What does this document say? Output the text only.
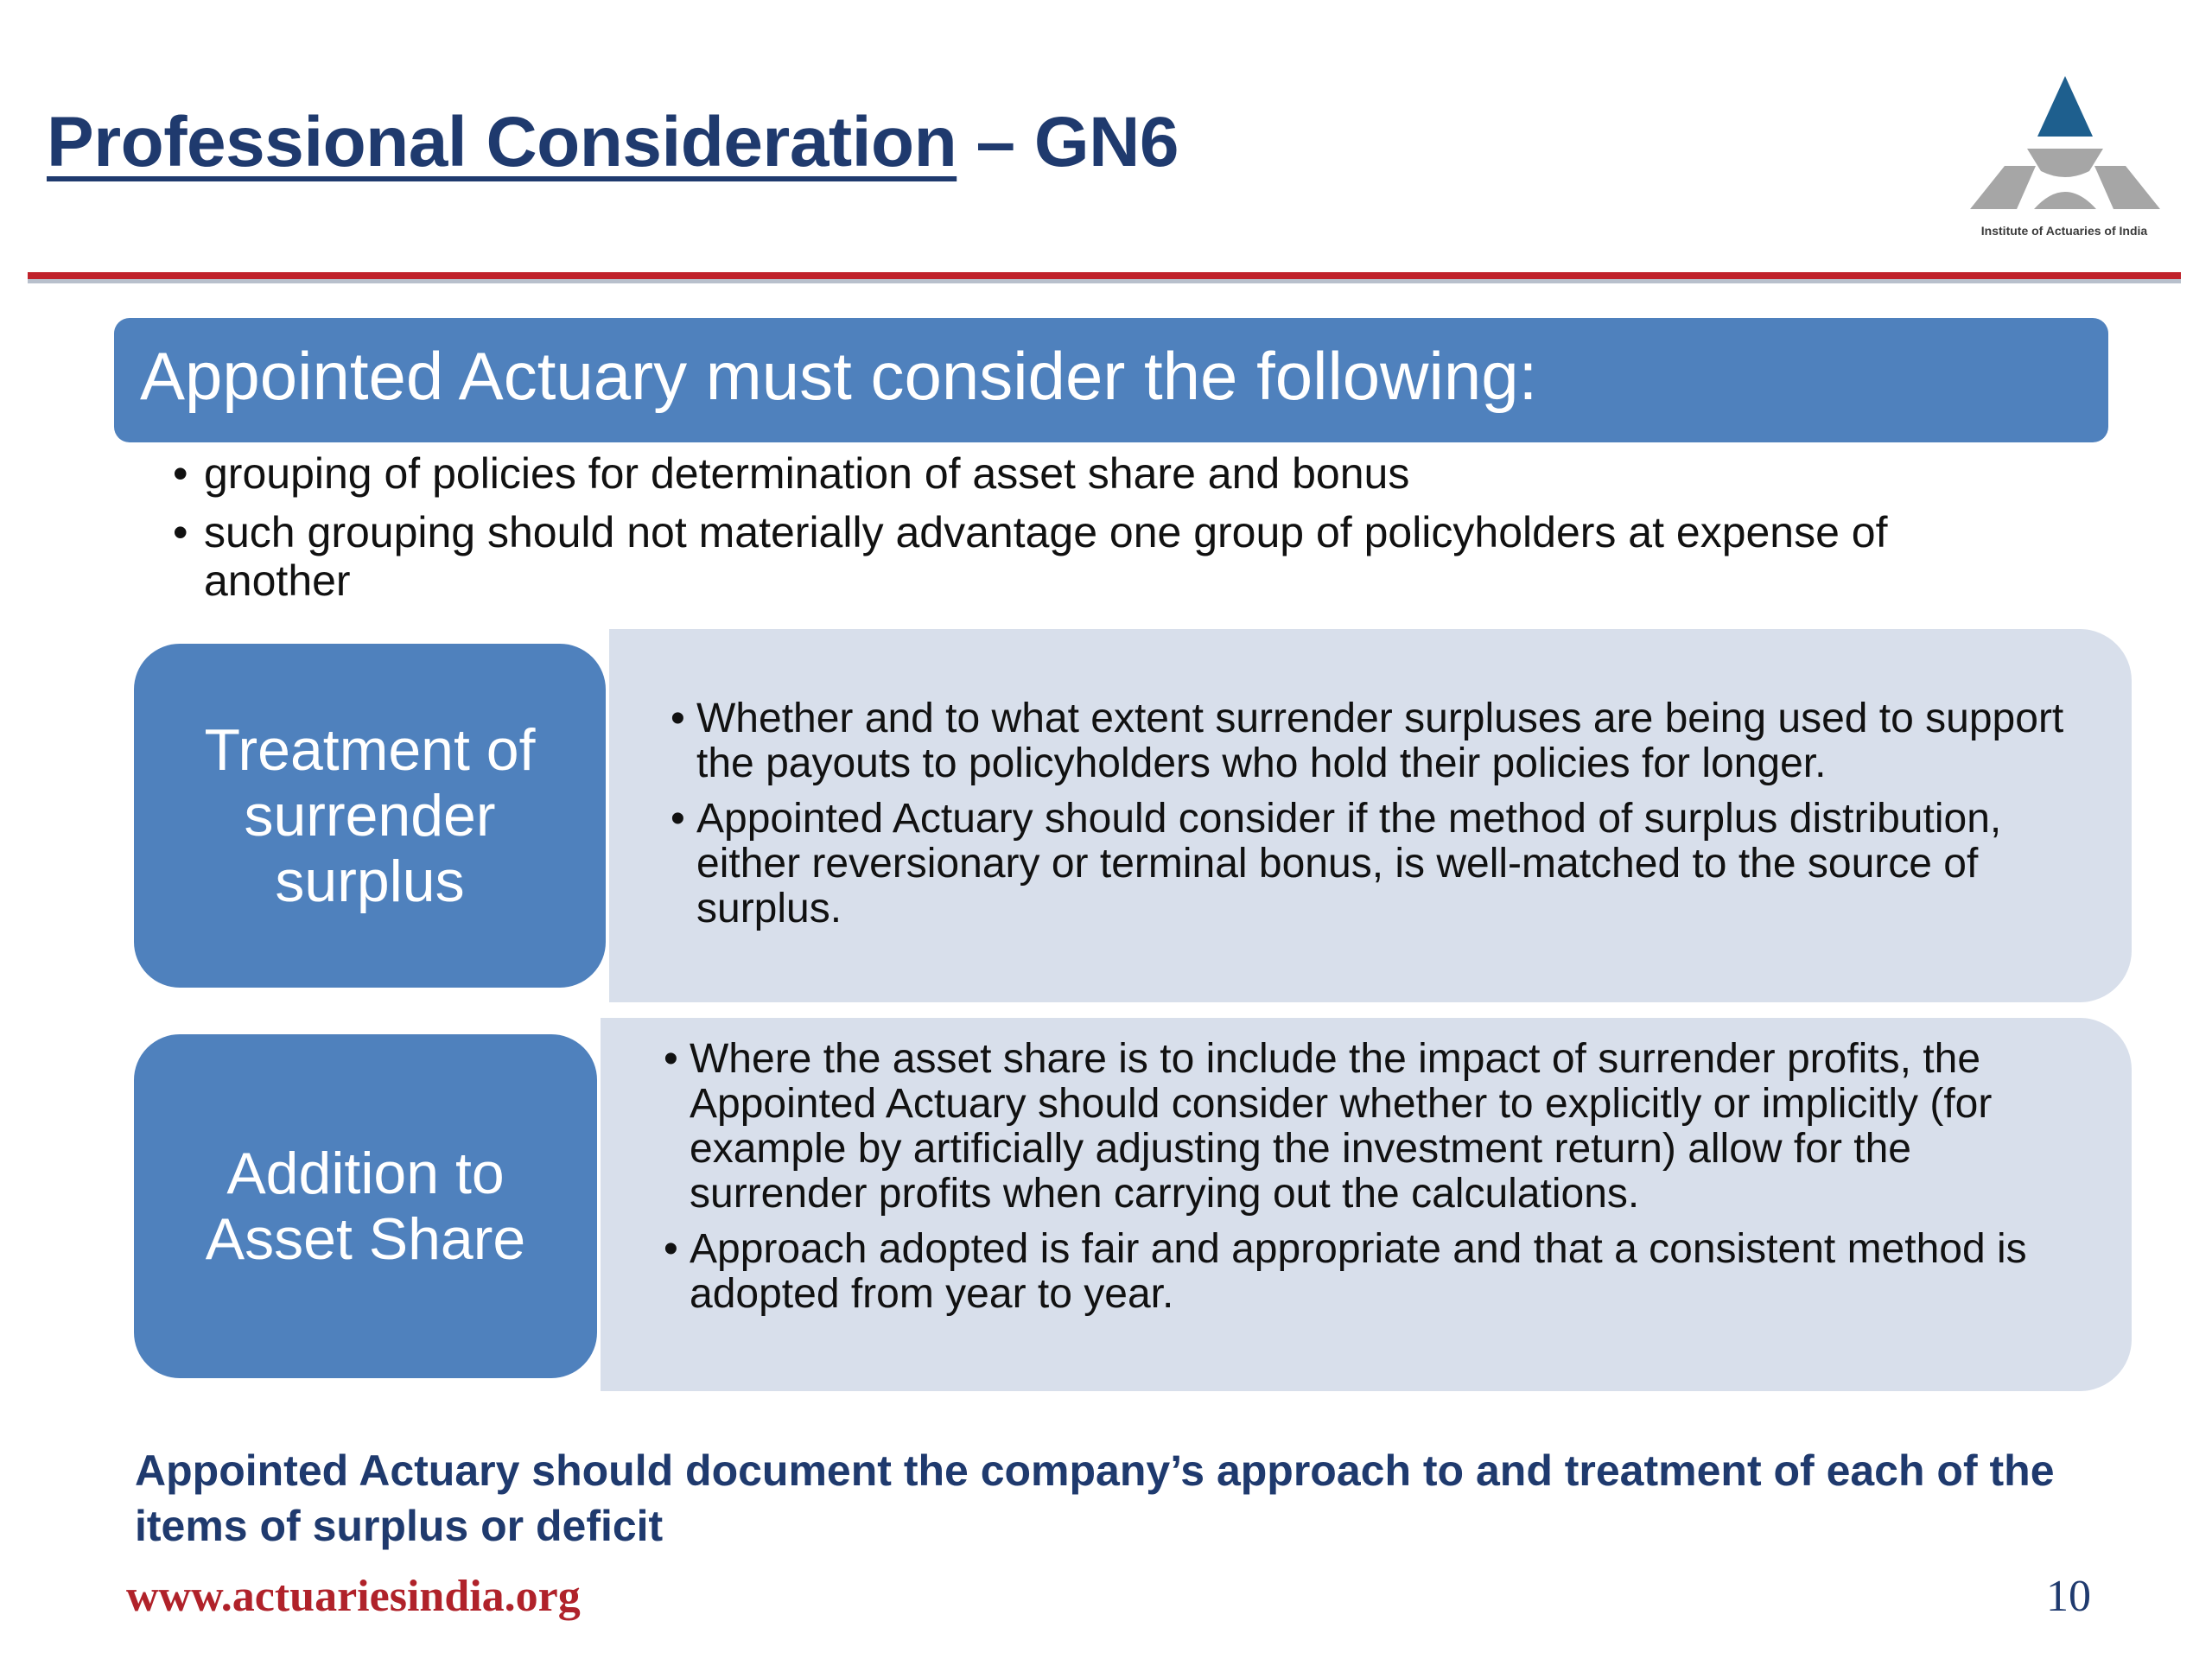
Professional Consideration – GN6
Institute of Actuaries of India
Appointed Actuary must consider the following:
• grouping of policies for determination of asset share and bonus
• such grouping should not materially advantage one group of policyholders at expense of another
Treatment of surrender surplus
• Whether and to what extent surrender surpluses are being used to support the payouts to policyholders who hold their policies for longer.
• Appointed Actuary should consider if the method of surplus distribution, either reversionary or terminal bonus, is well-matched to the source of surplus.
Addition to Asset Share
• Where the asset share is to include the impact of surrender profits, the Appointed Actuary should consider whether to explicitly or implicitly (for example by artificially adjusting the investment return) allow for the surrender profits when carrying out the calculations.
• Approach adopted is fair and appropriate and that a consistent method is adopted from year to year.
Appointed Actuary should document the company’s approach to and treatment of each of the items of surplus or deficit
www.actuariesindia.org	10
